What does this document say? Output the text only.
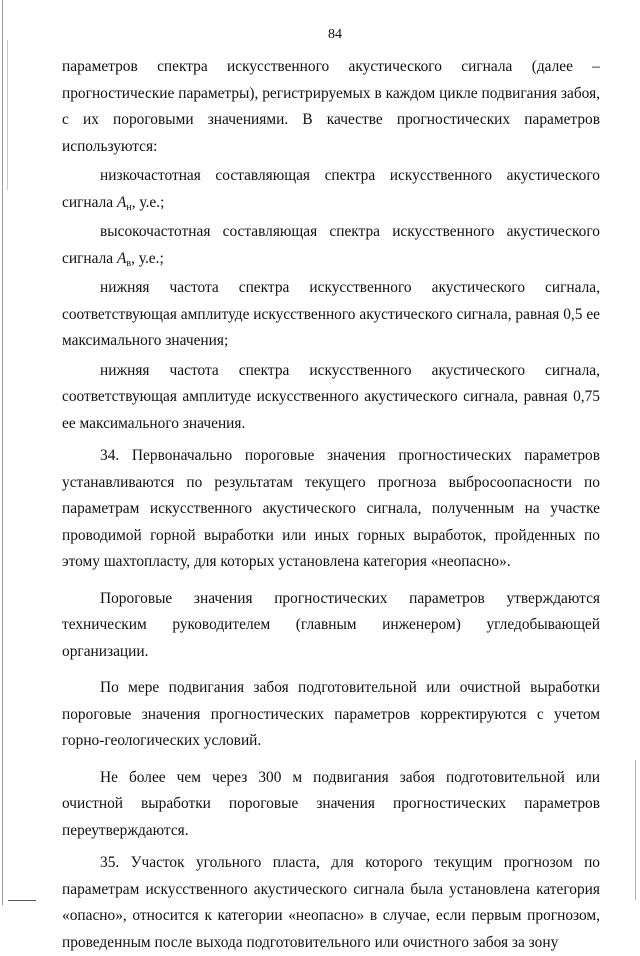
84

параметров спектра искусственного акустического сигнала (далее – прогностические параметры), регистрируемых в каждом цикле подвигания забоя, с их пороговыми значениями. В качестве прогностических параметров используются:

низкочастотная составляющая спектра искусственного акустического сигнала $A_н$, у.е.;

высокочастотная составляющая спектра искусственного акустического сигнала $A_в$, у.е.;

нижняя частота спектра искусственного акустического сигнала, соответствующая амплитуде искусственного акустического сигнала, равная 0,5 ее максимального значения;

нижняя частота спектра искусственного акустического сигнала, соответствующая амплитуде искусственного акустического сигнала, равная 0,75 ее максимального значения.

34. Первоначально пороговые значения прогностических параметров устанавливаются по результатам текущего прогноза выбросоопасности по параметрам искусственного акустического сигнала, полученным на участке проводимой горной выработки или иных горных выработок, пройденных по этому шахтопласту, для которых установлена категория «неопасно».

Пороговые значения прогностических параметров утверждаются техническим руководителем (главным инженером) угледобывающей организации.

По мере подвигания забоя подготовительной или очистной выработки пороговые значения прогностических параметров корректируются с учетом горно-геологических условий.

Не более чем через 300 м подвигания забоя подготовительной или очистной выработки пороговые значения прогностических параметров переутверждаются.

35. Участок угольного пласта, для которого текущим прогнозом по параметрам искусственного акустического сигнала была установлена категория «опасно», относится к категории «неопасно» в случае, если первым прогнозом, проведенным после выхода подготовительного или очистного забоя за зону
